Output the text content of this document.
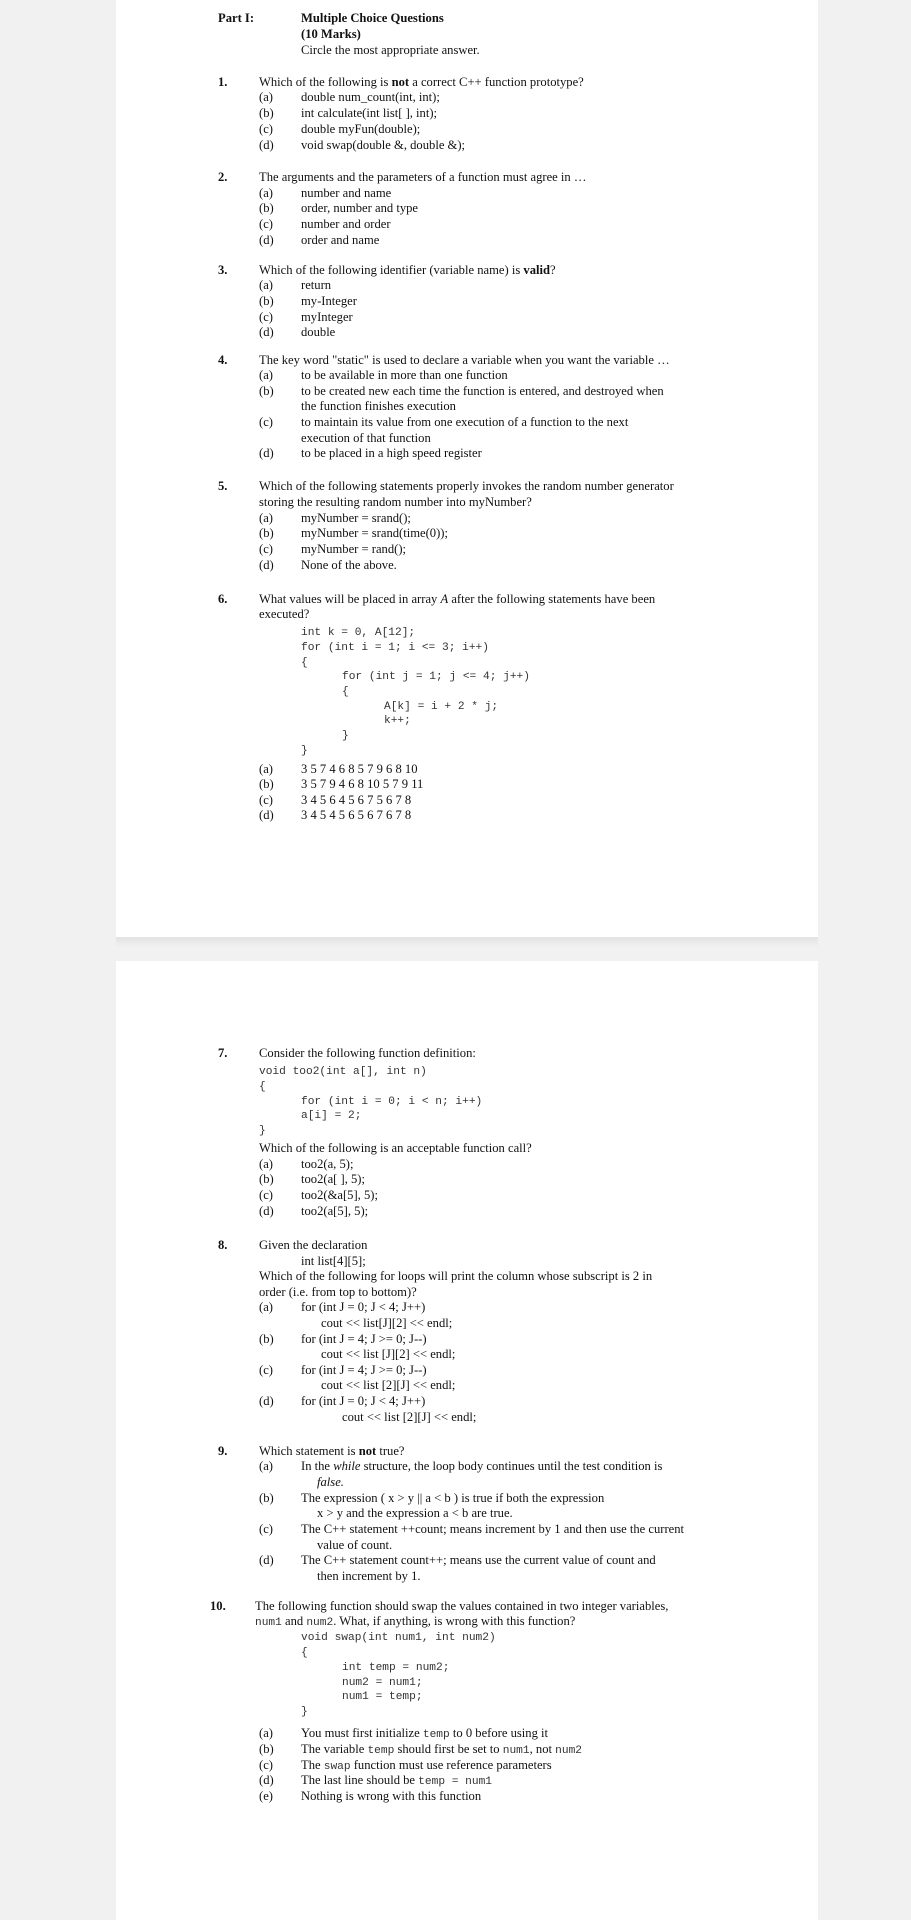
Part I:	Multiple Choice Questions
(10 Marks)
Circle the most appropriate answer.
1.	Which of the following is not a correct C++ function prototype?
(a) double num_count(int, int);
(b) int calculate(int list[ ], int);
(c) double myFun(double);
(d) void swap(double &, double &);
2.	The arguments and the parameters of a function must agree in …
(a) number and name
(b) order, number and type
(c) number and order
(d) order and name
3.	Which of the following identifier (variable name) is valid?
(a) return
(b) my-Integer
(c) myInteger
(d) double
4.	The key word "static" is used to declare a variable when you want the variable …
(a) to be available in more than one function
(b) to be created new each time the function is entered, and destroyed when
the function finishes execution
(c) to maintain its value from one execution of a function to the next
execution of that function
(d) to be placed in a high speed register
5.	Which of the following statements properly invokes the random number generator
storing the resulting random number into myNumber?
(a) myNumber = srand();
(b) myNumber = srand(time(0));
(c) myNumber = rand();
(d) None of the above.
6.	What values will be placed in array A after the following statements have been
executed?
int k = 0, A[12];
for (int i = 1; i <= 3; i++)
{
for (int j = 1; j <= 4; j++)
{
A[k] = i + 2 * j;
k++;
}
}
(a) 3 5 7 4 6 8 5 7 9 6 8 10
(b) 3 5 7 9 4 6 8 10 5 7 9 11
(c) 3 4 5 6 4 5 6 7 5 6 7 8
(d) 3 4 5 4 5 6 5 6 7 6 7 8
7.	Consider the following function definition:
void too2(int a[], int n)
{
for (int i = 0; i < n; i++)
a[i] = 2;
}
Which of the following is an acceptable function call?
(a) too2(a, 5);
(b) too2(a[ ], 5);
(c) too2(&a[5], 5);
(d) too2(a[5], 5);
8.	Given the declaration
int list[4][5];
Which of the following for loops will print the column whose subscript is 2 in
order (i.e. from top to bottom)?
(a) for (int J = 0; J < 4; J++)
cout << list[J][2] << endl;
(b) for (int J = 4; J >= 0; J--)
cout << list [J][2] << endl;
(c) for (int J = 4; J >= 0; J--)
cout << list [2][J] << endl;
(d) for (int J = 0; J < 4; J++)
cout << list [2][J] << endl;
9.	Which statement is not true?
(a) In the while structure, the loop body continues until the test condition is
false.
(b) The expression ( x > y || a < b ) is true if both the expression
x > y and the expression a < b are true.
(c) The C++ statement ++count; means increment by 1 and then use the current
value of count.
(d) The C++ statement count++; means use the current value of count and
then increment by 1.
10. The following function should swap the values contained in two integer variables,
num1 and num2. What, if anything, is wrong with this function?
void swap(int num1, int num2)
{
int temp = num2;
num2 = num1;
num1 = temp;
}
(a) You must first initialize temp to 0 before using it
(b) The variable temp should first be set to num1, not num2
(c) The swap function must use reference parameters
(d) The last line should be temp = num1
(e) Nothing is wrong with this function
